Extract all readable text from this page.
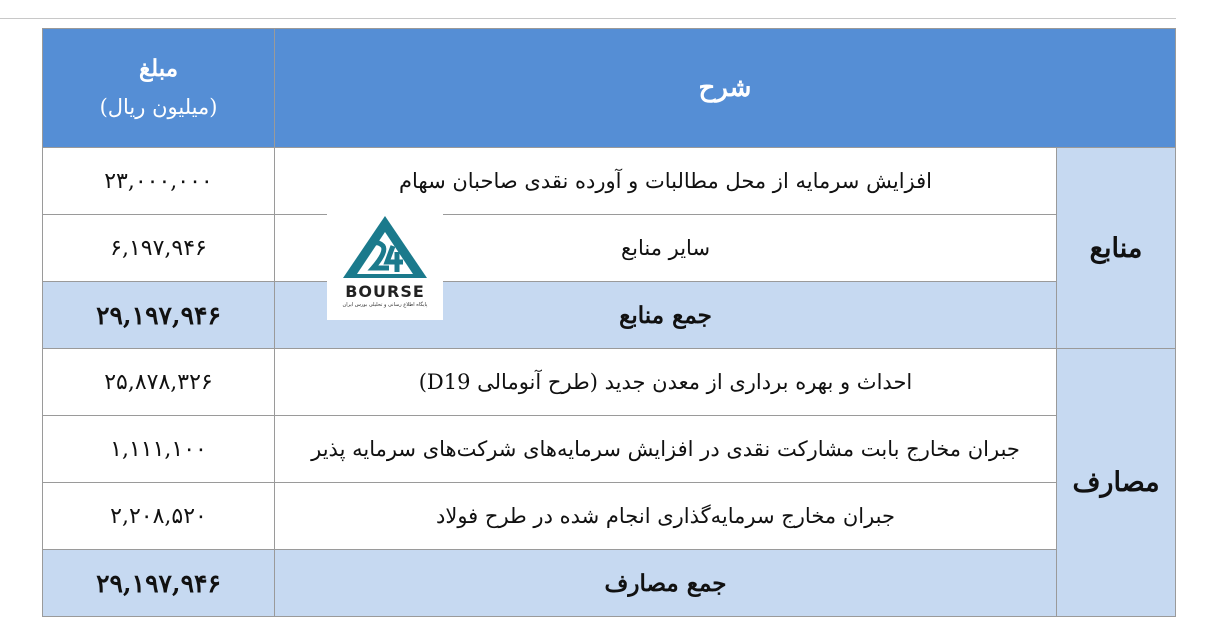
مبلغ
(میلیون ریال)	شرح	
۲۳,۰۰۰,۰۰۰	افزایش سرمایه از محل مطالبات و آورده نقدی صاحبان سهام	منابع
۶,۱۹۷,۹۴۶	سایر منابع	
۲۹,۱۹۷,۹۴۶	جمع منابع	
۲۵,۸۷۸,۳۲۶	احداث و بهره برداری از معدن جدید (طرح آنومالی D19)	مصارف
۱,۱۱۱,۱۰۰	جبران مخارج بابت مشارکت نقدی در افزایش سرمایه‌های شرکت‌های سرمایه پذیر	
۲,۲۰۸,۵۲۰	جبران مخارج سرمایه‌گذاری انجام شده در طرح فولاد	
۲۹,۱۹۷,۹۴۶	جمع مصارف	
BOURSE
پایگاه اطلاع رسانی و تحلیلی بورس ایران
